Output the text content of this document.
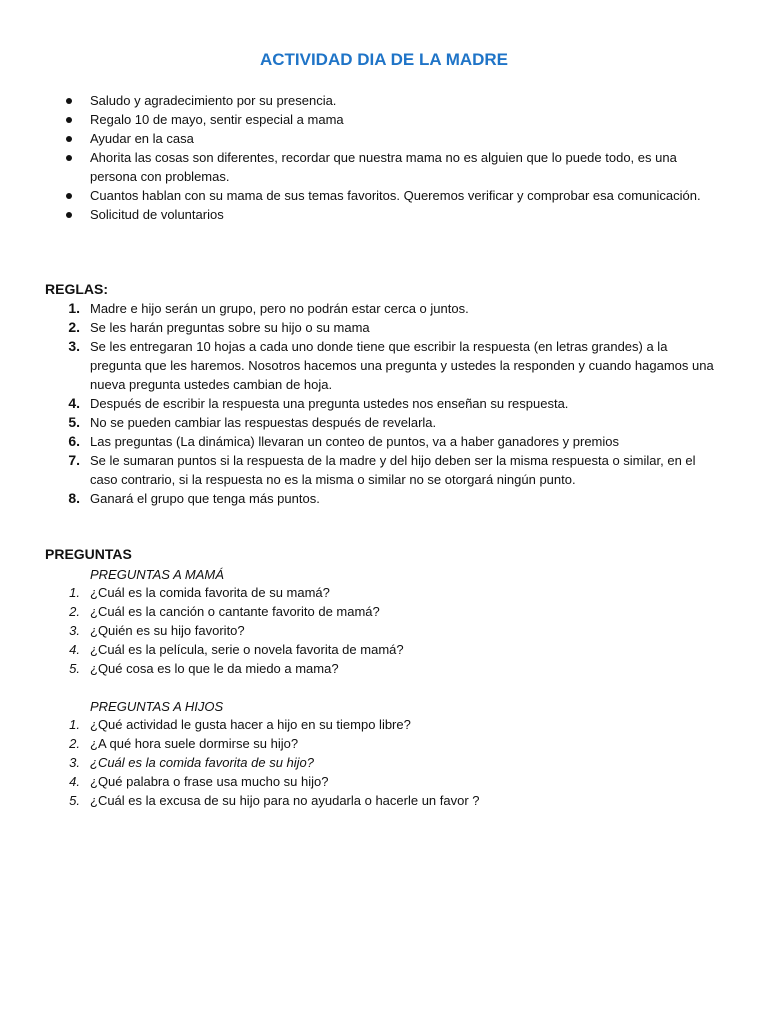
ACTIVIDAD DIA DE LA MADRE
Saludo y agradecimiento por su presencia.
Regalo 10 de mayo, sentir especial a mama
Ayudar en la casa
Ahorita las cosas son diferentes, recordar que nuestra mama no es alguien que lo puede todo, es una persona con problemas.
Cuantos hablan con su mama de sus temas favoritos. Queremos verificar y comprobar esa comunicación.
Solicitud de voluntarios
REGLAS:
1. Madre e hijo serán un grupo, pero no podrán estar cerca o juntos.
2. Se les harán preguntas sobre su hijo o su mama
3. Se les entregaran 10 hojas a cada uno donde tiene que escribir la respuesta (en letras grandes) a la pregunta que les haremos. Nosotros hacemos una pregunta y ustedes la responden y cuando hagamos una nueva pregunta ustedes cambian de hoja.
4. Después de escribir la respuesta una pregunta ustedes nos enseñan su respuesta.
5. No se pueden cambiar las respuestas después de revelarla.
6. Las preguntas (La dinámica) llevaran un conteo de puntos, va a haber ganadores y premios
7. Se le sumaran puntos si la respuesta de la madre y del hijo deben ser la misma respuesta o similar, en el caso contrario, si la respuesta no es la misma o similar no se otorgará ningún punto.
8. Ganará el grupo que tenga más puntos.
PREGUNTAS
PREGUNTAS A MAMÁ
1. ¿Cuál es la comida favorita de su mamá?
2. ¿Cuál es la canción o cantante favorito de mamá?
3. ¿Quién es su hijo favorito?
4. ¿Cuál es la película, serie o novela favorita de mamá?
5. ¿Qué cosa es lo que le da miedo a mama?
PREGUNTAS A HIJOS
1. ¿Qué actividad le gusta hacer a hijo en su tiempo libre?
2. ¿A qué hora suele dormirse su hijo?
3. ¿Cuál es la comida favorita de su hijo?
4. ¿Qué palabra o frase usa mucho su hijo?
5. ¿Cuál es la excusa de su hijo para no ayudarla o hacerle un favor ?
